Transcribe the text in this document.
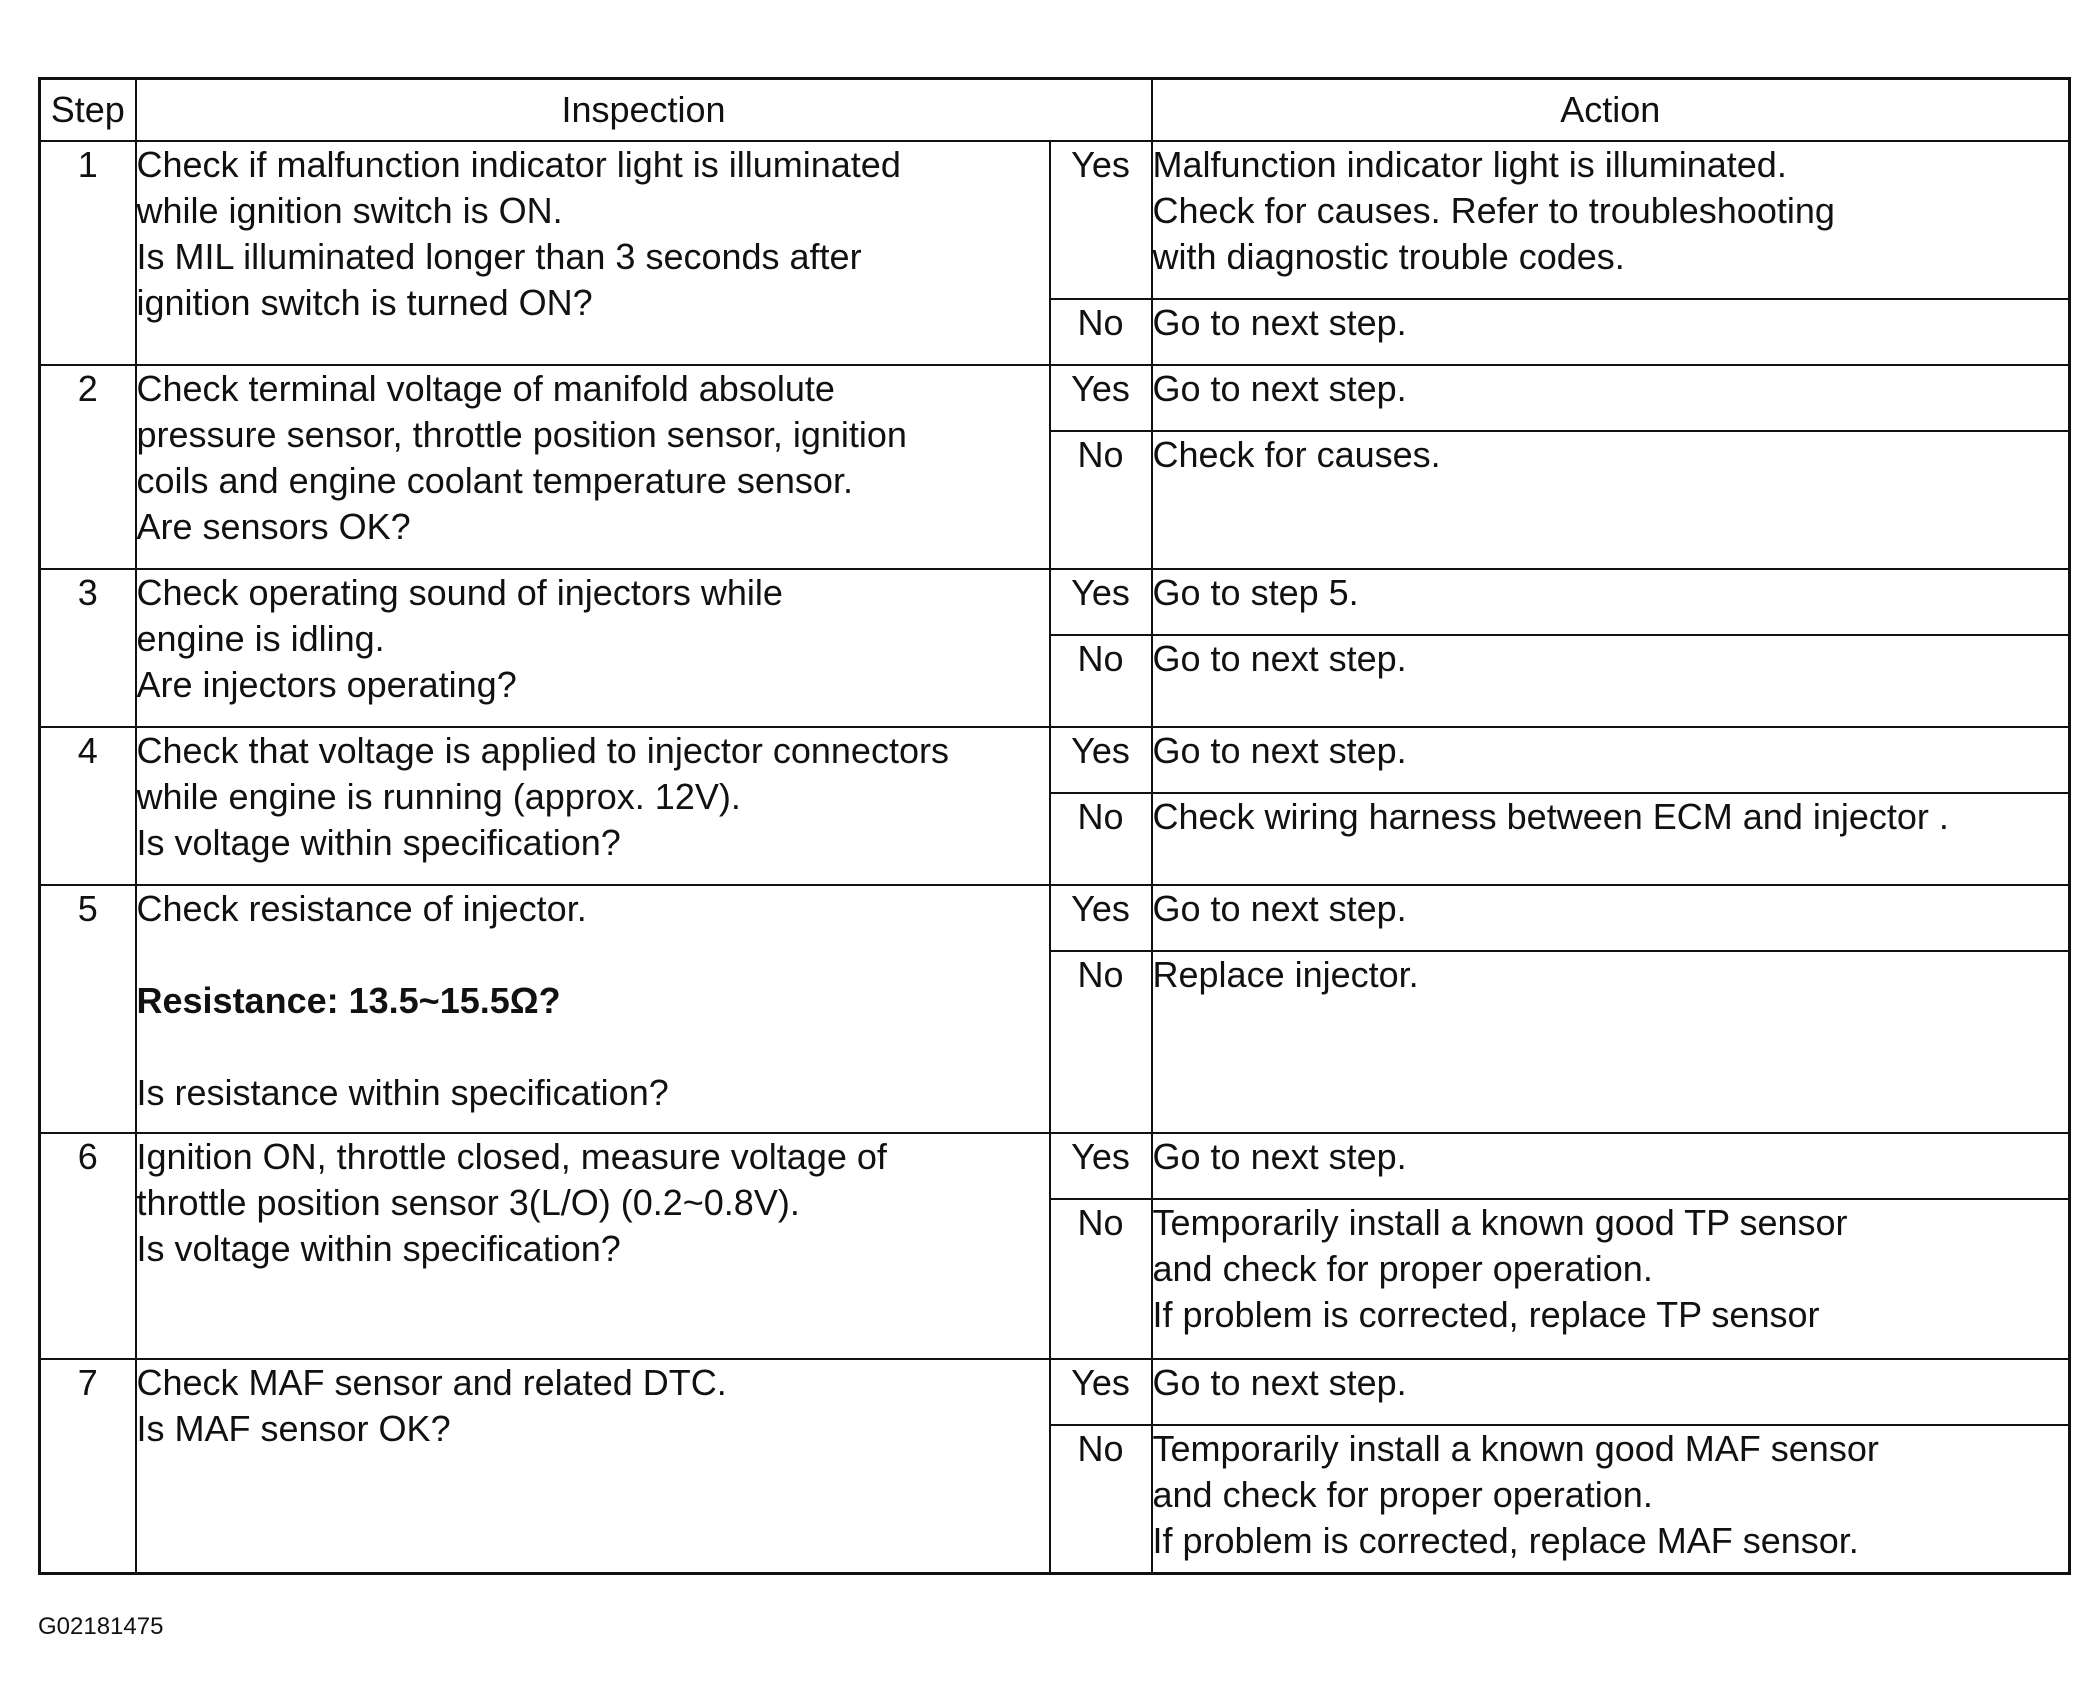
Step	Inspection		Action
1	Check if malfunction indicator light is illuminated
while ignition switch is ON.
Is MIL illuminated longer than 3 seconds after
ignition switch is turned ON?	Yes	Malfunction indicator light is illuminated.
Check for causes. Refer to troubleshooting
with diagnostic trouble codes.

		No	Go to next step.

2	Check terminal voltage of manifold absolute
pressure sensor, throttle position sensor, ignition
coils and engine coolant temperature sensor.
Are sensors OK?	Yes	Go to next step.

		No	Check for causes.

3	Check operating sound of injectors while
engine is idling.
Are injectors operating?	Yes	Go to step 5.

		No	Go to next step.

4	Check that voltage is applied to injector connectors
while engine is running (approx. 12V).
Is voltage within specification?	Yes	Go to next step.

		No	Check wiring harness between ECM and injector .

5	Check resistance of injector.
Resistance: 13.5~15.5Ω?
Is resistance within specification?	Yes	Go to next step.

		No	Replace injector.

6	Ignition ON, throttle closed, measure voltage of
throttle position sensor 3(L/O) (0.2~0.8V).
Is voltage within specification?	Yes	Go to next step.

		No	Temporarily install a known good TP sensor
and check for proper operation.
If problem is corrected, replace TP sensor

7	Check MAF sensor and related DTC.
Is MAF sensor OK?	Yes	Go to next step.

		No	Temporarily install a known good MAF sensor
and check for proper operation.
If problem is corrected, replace MAF sensor.
G02181475
